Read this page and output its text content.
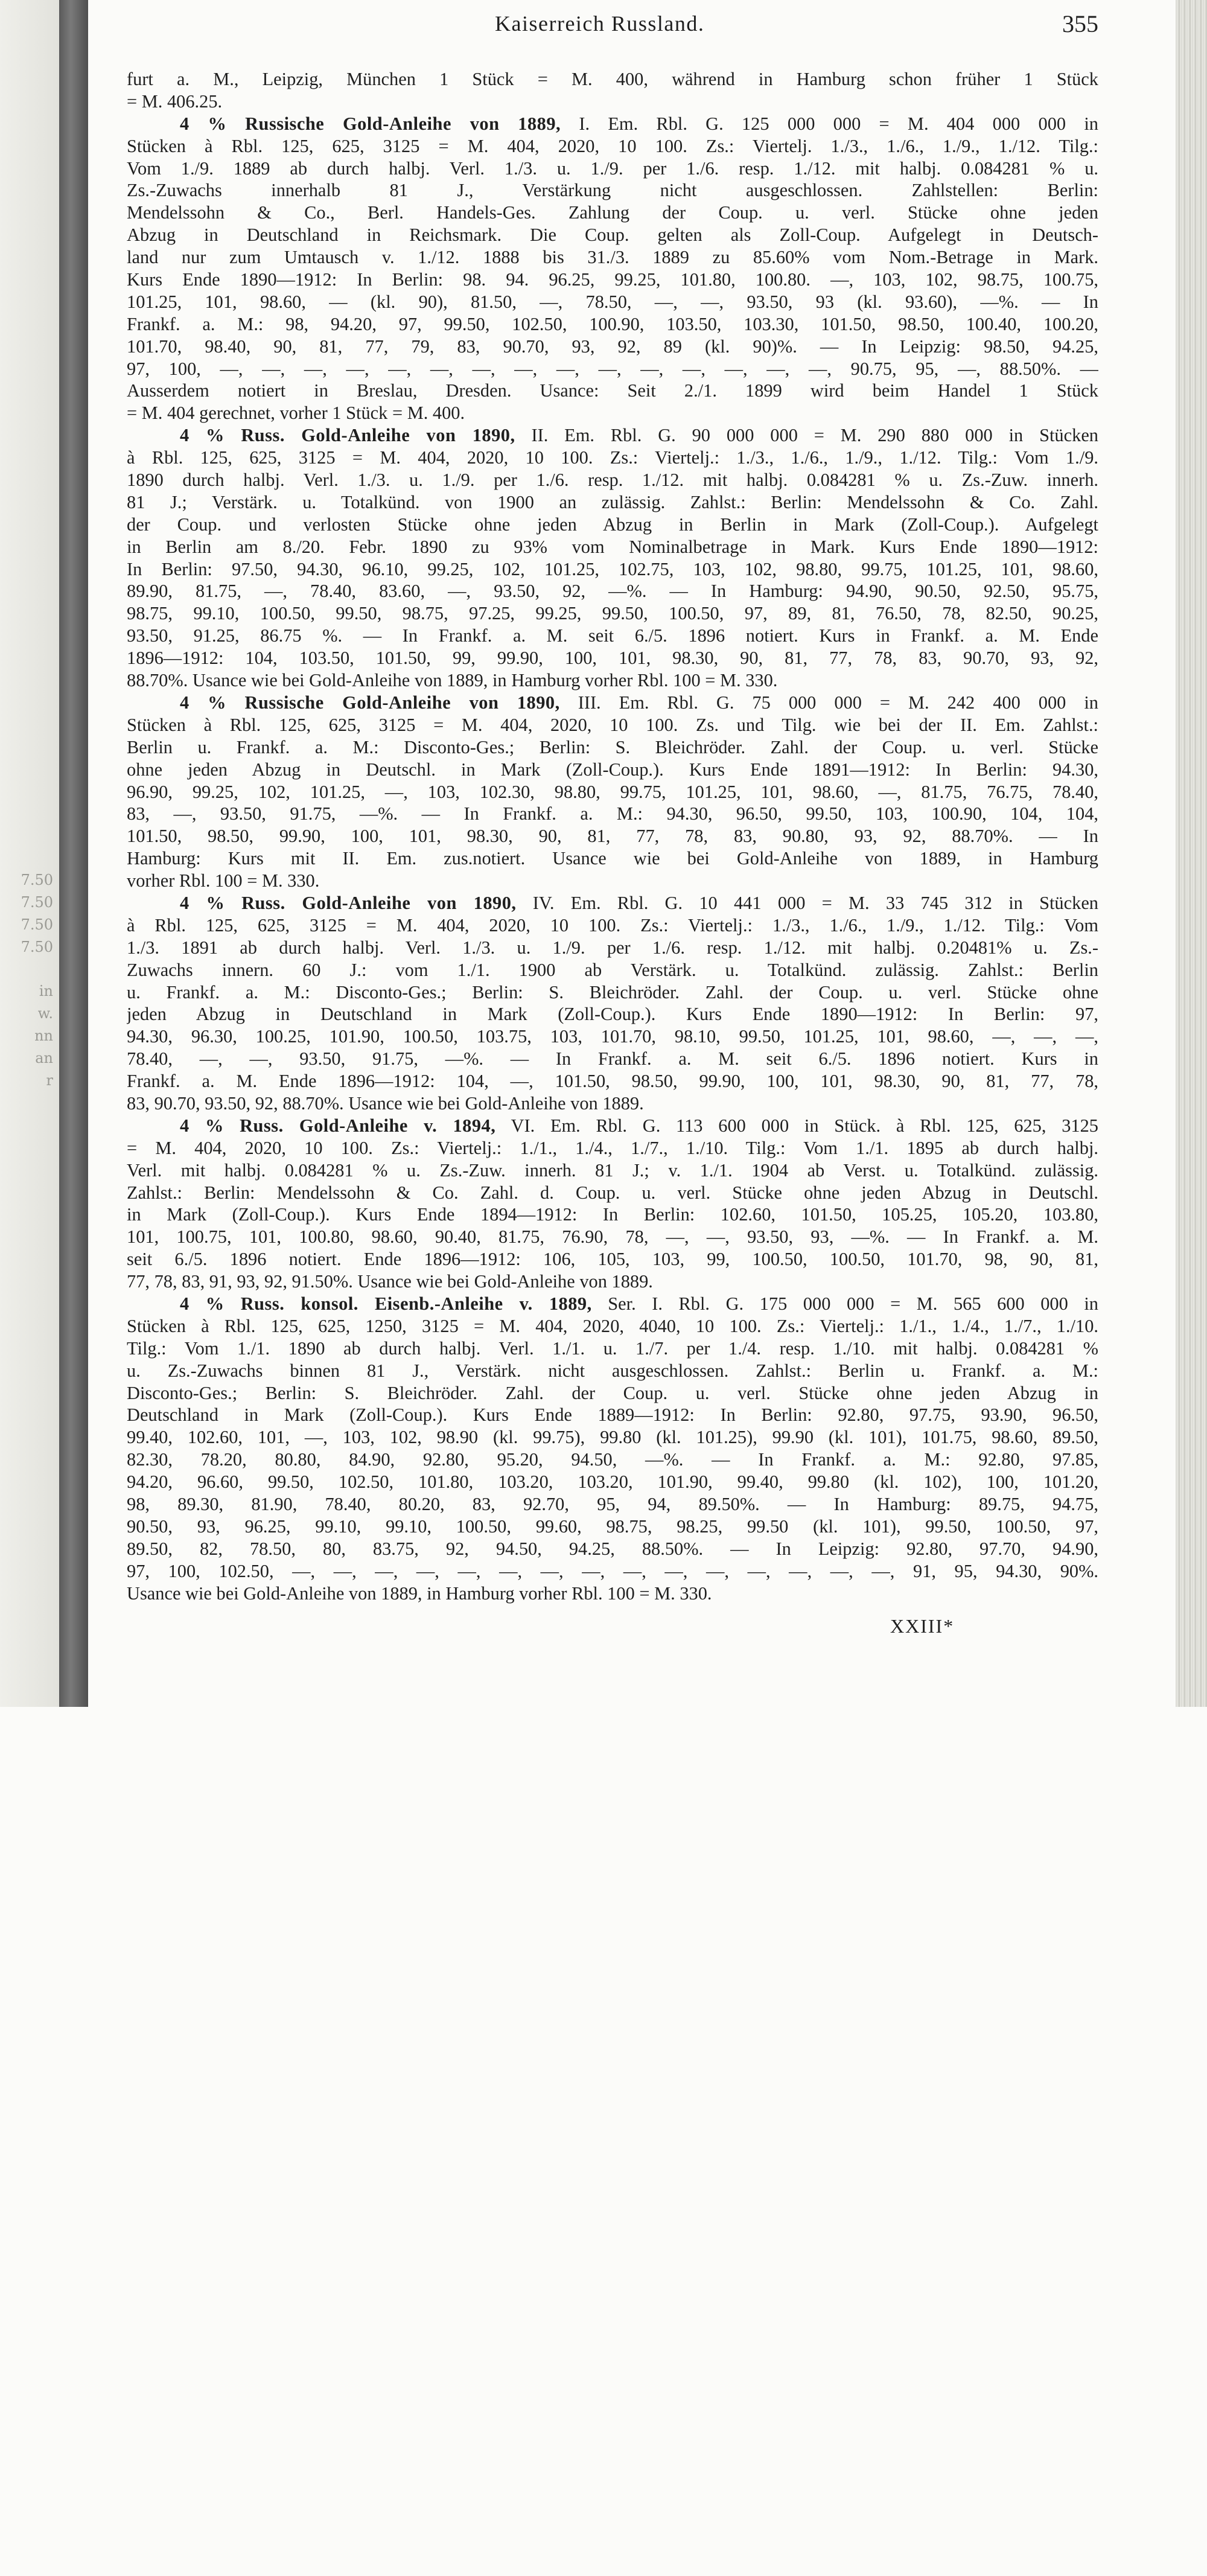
7.50
7.50
7.50
7.50
in
w.
nn
an
r
Kaiserreich Russland.	355
furt a. M., Leipzig, München 1 Stück = M. 400, während in Hamburg schon früher 1 Stück
= M. 406.25.
4 % Russische Gold-Anleihe von 1889, I. Em. Rbl. G. 125 000 000 = M. 404 000 000 in
Stücken à Rbl. 125, 625, 3125 = M. 404, 2020, 10 100. Zs.: Viertelj. 1./3., 1./6., 1./9., 1./12. Tilg.:
Vom 1./9. 1889 ab durch halbj. Verl. 1./3. u. 1./9. per 1./6. resp. 1./12. mit halbj. 0.084281 % u.
Zs.-Zuwachs innerhalb 81 J., Verstärkung nicht ausgeschlossen. Zahlstellen: Berlin:
Mendelssohn & Co., Berl. Handels-Ges. Zahlung der Coup. u. verl. Stücke ohne jeden
Abzug in Deutschland in Reichsmark. Die Coup. gelten als Zoll-Coup. Aufgelegt in Deutsch-
land nur zum Umtausch v. 1./12. 1888 bis 31./3. 1889 zu 85.60% vom Nom.-Betrage in Mark.
Kurs Ende 1890—1912: In Berlin: 98. 94. 96.25, 99.25, 101.80, 100.80. —, 103, 102, 98.75, 100.75,
101.25, 101, 98.60, — (kl. 90), 81.50, —, 78.50, —, —, 93.50, 93 (kl. 93.60), —%. — In
Frankf. a. M.: 98, 94.20, 97, 99.50, 102.50, 100.90, 103.50, 103.30, 101.50, 98.50, 100.40, 100.20,
101.70, 98.40, 90, 81, 77, 79, 83, 90.70, 93, 92, 89 (kl. 90)%. — In Leipzig: 98.50, 94.25,
97, 100, —, —, —, —, —, —, —, —, —, —, —, —, —, —, —, 90.75, 95, —, 88.50%. —
Ausserdem notiert in Breslau, Dresden. Usance: Seit 2./1. 1899 wird beim Handel 1 Stück
= M. 404 gerechnet, vorher 1 Stück = M. 400.
4 % Russ. Gold-Anleihe von 1890, II. Em. Rbl. G. 90 000 000 = M. 290 880 000 in Stücken
à Rbl. 125, 625, 3125 = M. 404, 2020, 10 100. Zs.: Viertelj.: 1./3., 1./6., 1./9., 1./12. Tilg.: Vom 1./9.
1890 durch halbj. Verl. 1./3. u. 1./9. per 1./6. resp. 1./12. mit halbj. 0.084281 % u. Zs.-Zuw. innerh.
81 J.; Verstärk. u. Totalkünd. von 1900 an zulässig. Zahlst.: Berlin: Mendelssohn & Co. Zahl.
der Coup. und verlosten Stücke ohne jeden Abzug in Berlin in Mark (Zoll-Coup.). Aufgelegt
in Berlin am 8./20. Febr. 1890 zu 93% vom Nominalbetrage in Mark. Kurs Ende 1890—1912:
In Berlin: 97.50, 94.30, 96.10, 99.25, 102, 101.25, 102.75, 103, 102, 98.80, 99.75, 101.25, 101, 98.60,
89.90, 81.75, —, 78.40, 83.60, —, 93.50, 92, —%. — In Hamburg: 94.90, 90.50, 92.50, 95.75,
98.75, 99.10, 100.50, 99.50, 98.75, 97.25, 99.25, 99.50, 100.50, 97, 89, 81, 76.50, 78, 82.50, 90.25,
93.50, 91.25, 86.75 %. — In Frankf. a. M. seit 6./5. 1896 notiert. Kurs in Frankf. a. M. Ende
1896—1912: 104, 103.50, 101.50, 99, 99.90, 100, 101, 98.30, 90, 81, 77, 78, 83, 90.70, 93, 92,
88.70%. Usance wie bei Gold-Anleihe von 1889, in Hamburg vorher Rbl. 100 = M. 330.
4 % Russische Gold-Anleihe von 1890, III. Em. Rbl. G. 75 000 000 = M. 242 400 000 in
Stücken à Rbl. 125, 625, 3125 = M. 404, 2020, 10 100. Zs. und Tilg. wie bei der II. Em. Zahlst.:
Berlin u. Frankf. a. M.: Disconto-Ges.; Berlin: S. Bleichröder. Zahl. der Coup. u. verl. Stücke
ohne jeden Abzug in Deutschl. in Mark (Zoll-Coup.). Kurs Ende 1891—1912: In Berlin: 94.30,
96.90, 99.25, 102, 101.25, —, 103, 102.30, 98.80, 99.75, 101.25, 101, 98.60, —, 81.75, 76.75, 78.40,
83, —, 93.50, 91.75, —%. — In Frankf. a. M.: 94.30, 96.50, 99.50, 103, 100.90, 104, 104,
101.50, 98.50, 99.90, 100, 101, 98.30, 90, 81, 77, 78, 83, 90.80, 93, 92, 88.70%. — In
Hamburg: Kurs mit II. Em. zus.notiert. Usance wie bei Gold-Anleihe von 1889, in Hamburg
vorher Rbl. 100 = M. 330.
4 % Russ. Gold-Anleihe von 1890, IV. Em. Rbl. G. 10 441 000 = M. 33 745 312 in Stücken
à Rbl. 125, 625, 3125 = M. 404, 2020, 10 100. Zs.: Viertelj.: 1./3., 1./6., 1./9., 1./12. Tilg.: Vom
1./3. 1891 ab durch halbj. Verl. 1./3. u. 1./9. per 1./6. resp. 1./12. mit halbj. 0.20481% u. Zs.-
Zuwachs innern. 60 J.: vom 1./1. 1900 ab Verstärk. u. Totalkünd. zulässig. Zahlst.: Berlin
u. Frankf. a. M.: Disconto-Ges.; Berlin: S. Bleichröder. Zahl. der Coup. u. verl. Stücke ohne
jeden Abzug in Deutschland in Mark (Zoll-Coup.). Kurs Ende 1890—1912: In Berlin: 97,
94.30, 96.30, 100.25, 101.90, 100.50, 103.75, 103, 101.70, 98.10, 99.50, 101.25, 101, 98.60, —, —, —,
78.40, —, —, 93.50, 91.75, —%. — In Frankf. a. M. seit 6./5. 1896 notiert. Kurs in
Frankf. a. M. Ende 1896—1912: 104, —, 101.50, 98.50, 99.90, 100, 101, 98.30, 90, 81, 77, 78,
83, 90.70, 93.50, 92, 88.70%. Usance wie bei Gold-Anleihe von 1889.
4 % Russ. Gold-Anleihe v. 1894, VI. Em. Rbl. G. 113 600 000 in Stück. à Rbl. 125, 625, 3125
= M. 404, 2020, 10 100. Zs.: Viertelj.: 1./1., 1./4., 1./7., 1./10. Tilg.: Vom 1./1. 1895 ab durch halbj.
Verl. mit halbj. 0.084281 % u. Zs.-Zuw. innerh. 81 J.; v. 1./1. 1904 ab Verst. u. Totalkünd. zulässig.
Zahlst.: Berlin: Mendelssohn & Co. Zahl. d. Coup. u. verl. Stücke ohne jeden Abzug in Deutschl.
in Mark (Zoll-Coup.). Kurs Ende 1894—1912: In Berlin: 102.60, 101.50, 105.25, 105.20, 103.80,
101, 100.75, 101, 100.80, 98.60, 90.40, 81.75, 76.90, 78, —, —, 93.50, 93, —%. — In Frankf. a. M.
seit 6./5. 1896 notiert. Ende 1896—1912: 106, 105, 103, 99, 100.50, 100.50, 101.70, 98, 90, 81,
77, 78, 83, 91, 93, 92, 91.50%. Usance wie bei Gold-Anleihe von 1889.
4 % Russ. konsol. Eisenb.-Anleihe v. 1889, Ser. I. Rbl. G. 175 000 000 = M. 565 600 000 in
Stücken à Rbl. 125, 625, 1250, 3125 = M. 404, 2020, 4040, 10 100. Zs.: Viertelj.: 1./1., 1./4., 1./7., 1./10.
Tilg.: Vom 1./1. 1890 ab durch halbj. Verl. 1./1. u. 1./7. per 1./4. resp. 1./10. mit halbj. 0.084281 %
u. Zs.-Zuwachs binnen 81 J., Verstärk. nicht ausgeschlossen. Zahlst.: Berlin u. Frankf. a. M.:
Disconto-Ges.; Berlin: S. Bleichröder. Zahl. der Coup. u. verl. Stücke ohne jeden Abzug in
Deutschland in Mark (Zoll-Coup.). Kurs Ende 1889—1912: In Berlin: 92.80, 97.75, 93.90, 96.50,
99.40, 102.60, 101, —, 103, 102, 98.90 (kl. 99.75), 99.80 (kl. 101.25), 99.90 (kl. 101), 101.75, 98.60, 89.50,
82.30, 78.20, 80.80, 84.90, 92.80, 95.20, 94.50, —%. — In Frankf. a. M.: 92.80, 97.85,
94.20, 96.60, 99.50, 102.50, 101.80, 103.20, 103.20, 101.90, 99.40, 99.80 (kl. 102), 100, 101.20,
98, 89.30, 81.90, 78.40, 80.20, 83, 92.70, 95, 94, 89.50%. — In Hamburg: 89.75, 94.75,
90.50, 93, 96.25, 99.10, 99.10, 100.50, 99.60, 98.75, 98.25, 99.50 (kl. 101), 99.50, 100.50, 97,
89.50, 82, 78.50, 80, 83.75, 92, 94.50, 94.25, 88.50%. — In Leipzig: 92.80, 97.70, 94.90,
97, 100, 102.50, —, —, —, —, —, —, —, —, —, —, —, —, —, —, —, 91, 95, 94.30, 90%.
Usance wie bei Gold-Anleihe von 1889, in Hamburg vorher Rbl. 100 = M. 330.
XXIII*
